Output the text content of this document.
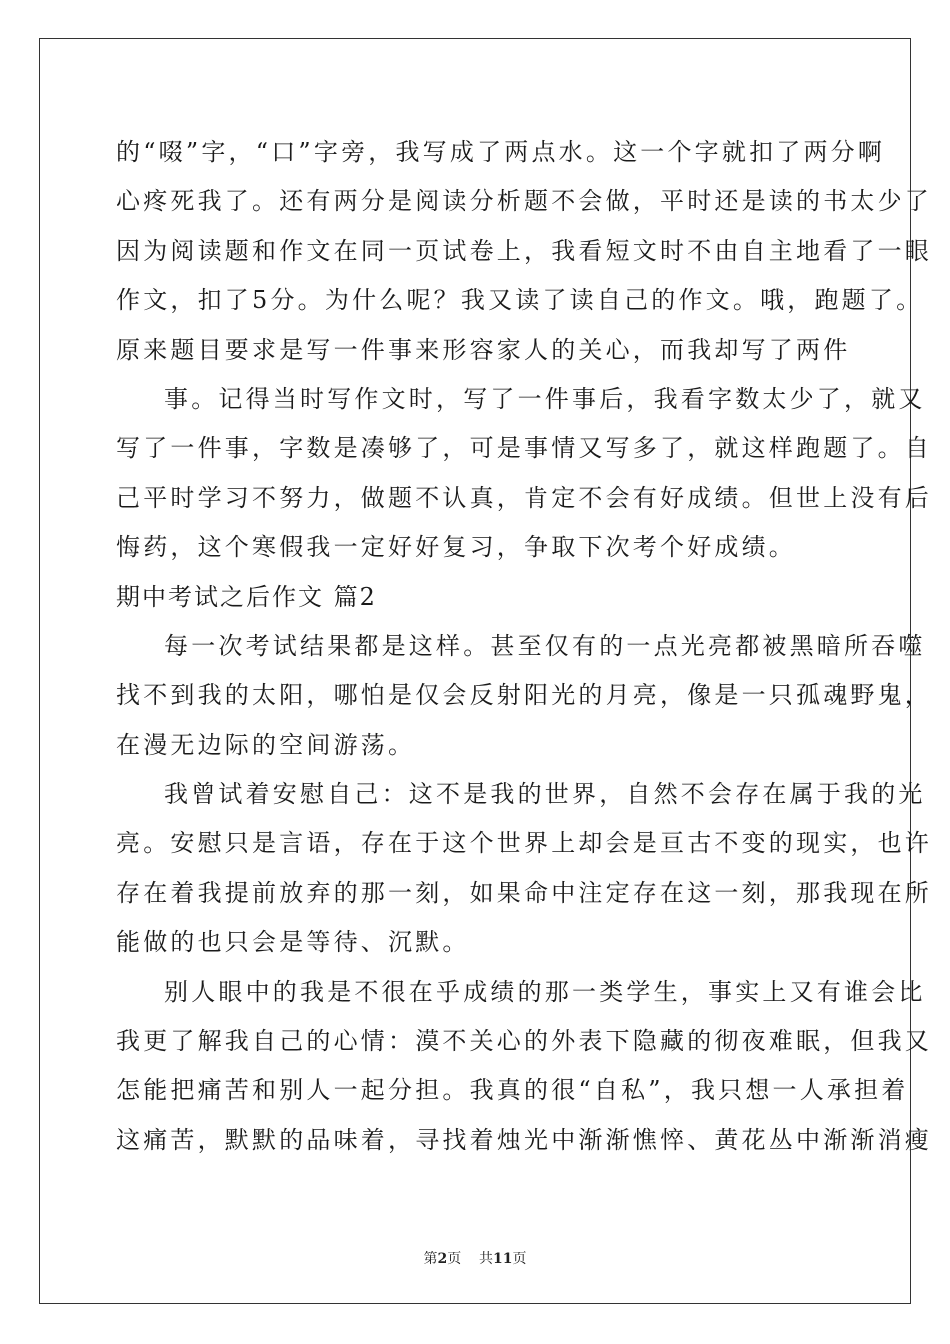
的“啜”字，“口”字旁，我写成了两点水。这一个字就扣了两分啊
心疼死我了。还有两分是阅读分析题不会做，平时还是读的书太少了
因为阅读题和作文在同一页试卷上，我看短文时不由自主地看了一眼
作文，扣了5分。为什么呢？我又读了读自己的作文。哦，跑题了。
原来题目要求是写一件事来形容家人的关心，而我却写了两件
事。记得当时写作文时，写了一件事后，我看字数太少了，就又
写了一件事，字数是凑够了，可是事情又写多了，就这样跑题了。自
己平时学习不努力，做题不认真，肯定不会有好成绩。但世上没有后
悔药，这个寒假我一定好好复习，争取下次考个好成绩。
期中考试之后作文 篇2
每一次考试结果都是这样。甚至仅有的一点光亮都被黑暗所吞噬
找不到我的太阳，哪怕是仅会反射阳光的月亮，像是一只孤魂野鬼，
在漫无边际的空间游荡。
我曾试着安慰自己：这不是我的世界，自然不会存在属于我的光
亮。安慰只是言语，存在于这个世界上却会是亘古不变的现实，也许
存在着我提前放弃的那一刻，如果命中注定存在这一刻，那我现在所
能做的也只会是等待、沉默。
别人眼中的我是不很在乎成绩的那一类学生，事实上又有谁会比
我更了解我自己的心情：漠不关心的外表下隐藏的彻夜难眠，但我又
怎能把痛苦和别人一起分担。我真的很“自私”，我只想一人承担着
这痛苦，默默的品味着，寻找着烛光中渐渐憔悴、黄花丛中渐渐消瘦
第2页 共11页
